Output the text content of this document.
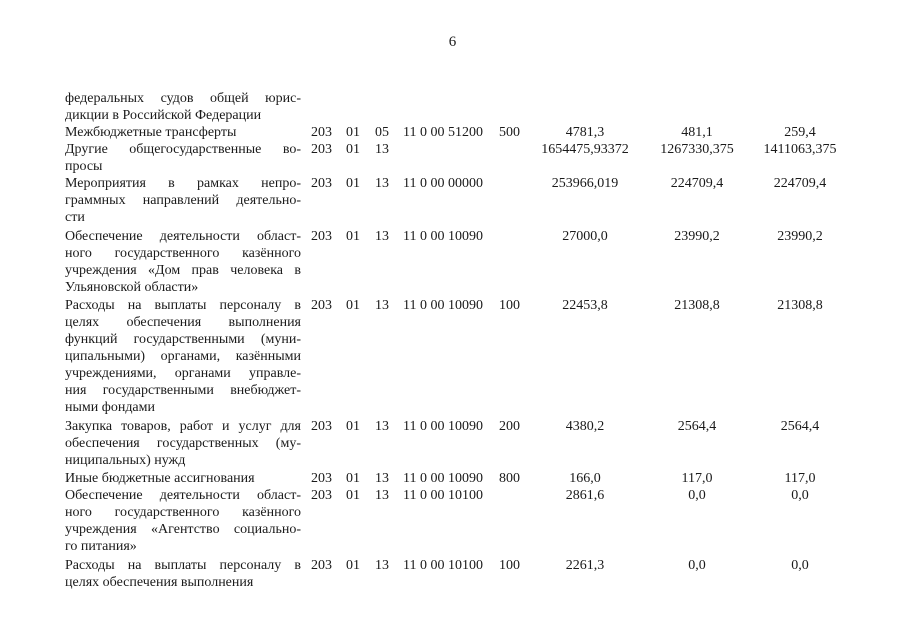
6
федеральных судов общей юрис-
дикции в Российской Федерации
Межбюджетные трансферты	203 01 05 11 0 00 51200 500	4781,3	481,1	259,4
Другие общегосударственные во-
просы
203 01 13	1654475,93372	1267330,375	1411063,375
Мероприятия в рамках непро-
граммных направлений деятельно-
сти
203 01 13 11 0 00 00000	253966,019	224709,4	224709,4
Обеспечение деятельности област-
ного государственного казённого
учреждения «Дом прав человека в
Ульяновской области»
203 01 13 11 0 00 10090	27000,0	23990,2	23990,2
Расходы на выплаты персоналу в
целях обеспечения выполнения
функций государственными (муни-
ципальными) органами, казёнными
учреждениями, органами управле-
ния государственными внебюджет-
ными фондами
203 01 13 11 0 00 10090 100	22453,8	21308,8	21308,8
Закупка товаров, работ и услуг для
обеспечения государственных (му-
ниципальных) нужд
203 01 13 11 0 00 10090 200	4380,2	2564,4	2564,4
Иные бюджетные ассигнования	203 01 13 11 0 00 10090 800	166,0	117,0	117,0
Обеспечение деятельности област-
ного государственного казённого
учреждения «Агентство социально-
го питания»
203 01 13 11 0 00 10100	2861,6	0,0	0,0
Расходы на выплаты персоналу в
целях обеспечения выполнения
203 01 13 11 0 00 10100 100	2261,3	0,0	0,0
